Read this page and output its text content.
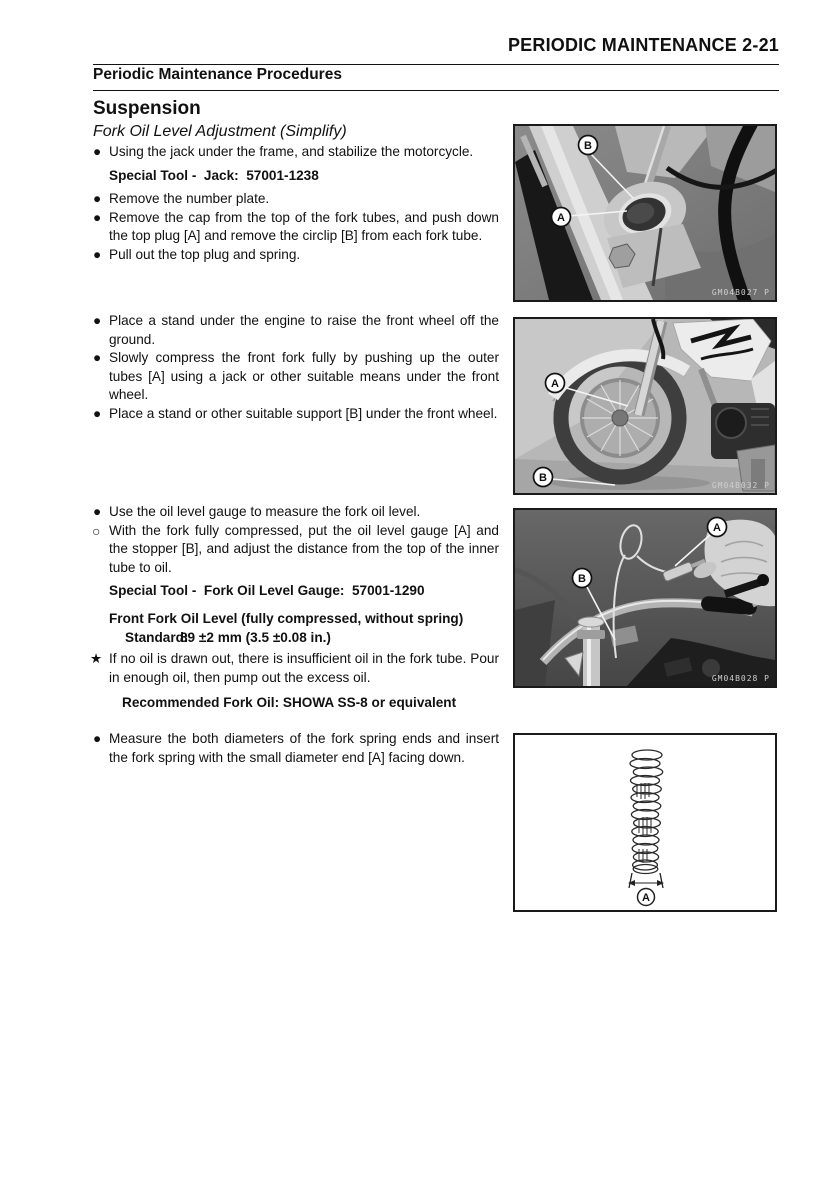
PERIODIC MAINTENANCE 2-21
Periodic Maintenance Procedures
Suspension
Fork Oil Level Adjustment (Simplify)
● Using the jack under the frame, and stabilize the motorcycle.
Special Tool -  Jack:  57001-1238
● Remove the number plate.
● Remove the cap from the top of the fork tubes, and push down the top plug [A] and remove the circlip [B] from each fork tube.
● Pull out the top plug and spring.
● Place a stand under the engine to raise the front wheel off the ground.
● Slowly compress the front fork fully by pushing up the outer tubes [A] using a jack or other suitable means under the front wheel.
● Place a stand or other suitable support [B] under the front wheel.
● Use the oil level gauge to measure the fork oil level.
○ With the fork fully compressed, put the oil level gauge [A] and the stopper [B], and adjust the distance from the top of the inner tube to oil.
Special Tool -  Fork Oil Level Gauge:  57001-1290
Front Fork Oil Level (fully compressed, without spring)
Standard:89 ±2 mm (3.5 ±0.08 in.)
★ If no oil is drawn out, there is insufficient oil in the fork tube. Pour in enough oil, then pump out the excess oil.
Recommended Fork Oil: SHOWA SS-8 or equivalent
● Measure the both diameters of the fork spring ends and insert the fork spring with the small diameter end [A] facing down.
B
A
GM04B027 P
A
B
GM04B032 P
A
B
GM04B028 P
A
